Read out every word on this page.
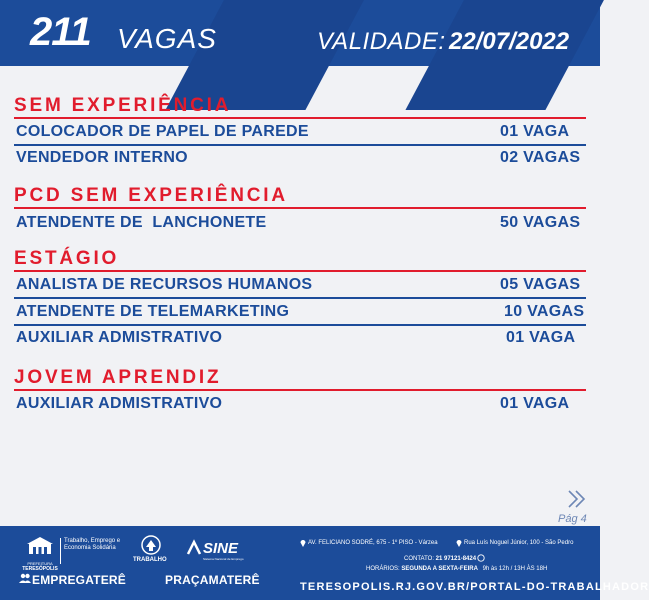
211 VAGAS	VALIDADE: 22/07/2022
SEM EXPERIÊNCIA
COLOCADOR DE PAPEL DE PAREDE	01 VAGA
VENDEDOR INTERNO	02 VAGAS
PCD SEM EXPERIÊNCIA
ATENDENTE DE  LANCHONETE	50 VAGAS
ESTÁGIO
ANALISTA DE RECURSOS HUMANOS	05 VAGAS
ATENDENTE DE TELEMARKETING	10 VAGAS
AUXILIAR ADMISTRATIVO	01 VAGA
JOVEM APRENDIZ
AUXILIAR ADMISTRATIVO	01 VAGA
Pág 4
PREFEITURA
TERESÓPOLIS
Trabalho, Emprego e Economia Solidária
TRABALHO
SINE
Sistema Nacional de Emprego
EMPREGATERÊ	PRAÇAMATERÊ
AV. FELICIANO SODRÉ, 675 - 1º PISO - Várzea	Rua Luís Noguel Júnior, 100 - São Pedro
CONTATO: 21 97121-8424
HORÁRIOS: SEGUNDA A SEXTA-FEIRA 9h às 12h / 13H ÀS 18H
TERESOPOLIS.RJ.GOV.BR/PORTAL-DO-TRABALHADOR
